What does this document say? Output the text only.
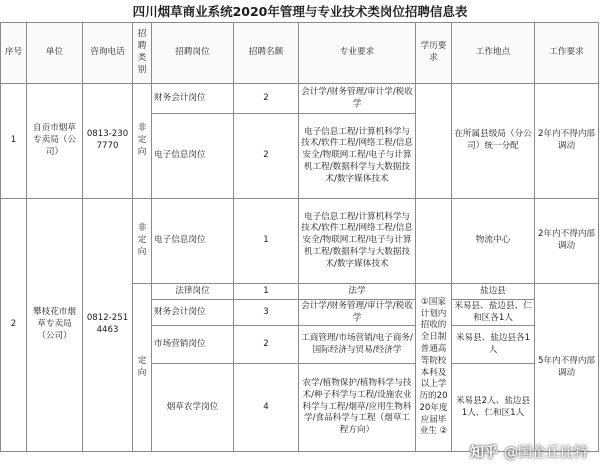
四川烟草商业系统2020年管理与专业技术类岗位招聘信息表
序号	单位	咨询电话	招聘类别	招聘岗位	招聘名额	专业要求	学历要求	工作地点	工作要求
1	自贡市烟草专卖局（公司）	0813-2307770	非定向	财务会计岗位	2	会计学/财务管理/审计学/税收学		在所属县级局（分公司）统一分配	2年内不得内部调动
				电子信息岗位	2	电子信息工程/计算机科学与技术/软件工程/网络工程/信息安全/物联网工程/电子与计算机工程/数据科学与大数据技术/数字媒体技术			
2	攀枝花市烟草专卖局（公司）	0812-2514463	非定向	电子信息岗位	1	电子信息工程/计算机科学与技术/软件工程/网络工程/信息安全/物联网工程/电子与计算机工程/数据科学与大数据技术/数字媒体技术		物流中心	2年内不得内部调动
			定向	法律岗位	1	法学	①国家计划内招收的全日制普通高等院校本科及以上学历的2020年度应届毕业生 ②	盐边县	5年内不得内部调动
				财务会计岗位	3	会计学/财务管理/审计学/税收学		米易县、盐边县、仁和区各1人	
				市场营销岗位	2	工商管理/市场营销/电子商务/国际经济与贸易/经济学		米易县、盐边县各1人	
				烟草农学岗位	4	农学/植物保护/植物科学与技术/种子科学与工程/设施农业科学与工程/烟草/应用生物科学/食品科学与工程（烟草工程方向）		米易县2人、盐边县1人、仁和区1人	
知乎 @国企丘比特
